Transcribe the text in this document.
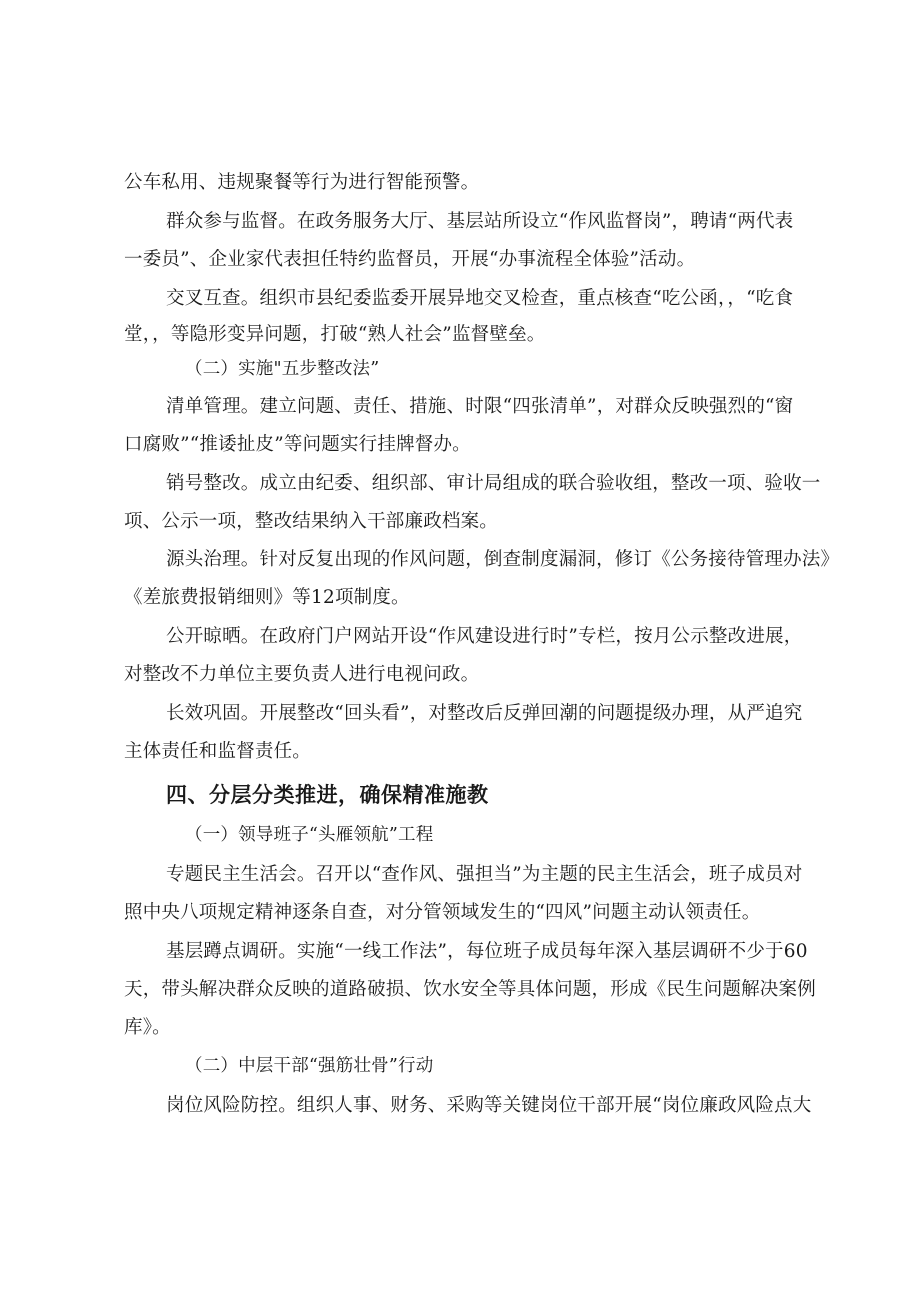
公车私用、违规聚餐等行为进行智能预警。
群众参与监督。在政务服务大厅、基层站所设立“作风监督岗”，聘请“两代表
一委员”、企业家代表担任特约监督员，开展“办事流程全体验”活动。
交叉互查。组织市县纪委监委开展异地交叉检查，重点核查“吃公函，，“吃食
堂，，等隐形变异问题，打破“熟人社会”监督壁垒。
（二）实施"五步整改法”
清单管理。建立问题、责任、措施、时限“四张清单”，对群众反映强烈的“窗
口腐败”“推诿扯皮”等问题实行挂牌督办。
销号整改。成立由纪委、组织部、审计局组成的联合验收组，整改一项、验收一
项、公示一项，整改结果纳入干部廉政档案。
源头治理。针对反复出现的作风问题，倒查制度漏洞，修订《公务接待管理办法》
《差旅费报销细则》等12项制度。
公开晾晒。在政府门户网站开设“作风建设进行时”专栏，按月公示整改进展，
对整改不力单位主要负责人进行电视问政。
长效巩固。开展整改“回头看”，对整改后反弹回潮的问题提级办理，从严追究
主体责任和监督责任。
四、分层分类推进，确保精准施教
（一）领导班子“头雁领航”工程
专题民主生活会。召开以“查作风、强担当”为主题的民主生活会，班子成员对
照中央八项规定精神逐条自查，对分管领域发生的“四风”问题主动认领责任。
基层蹲点调研。实施“一线工作法”，每位班子成员每年深入基层调研不少于60
天，带头解决群众反映的道路破损、饮水安全等具体问题，形成《民生问题解决案例
库》。
（二）中层干部“强筋壮骨”行动
岗位风险防控。组织人事、财务、采购等关键岗位干部开展“岗位廉政风险点大
